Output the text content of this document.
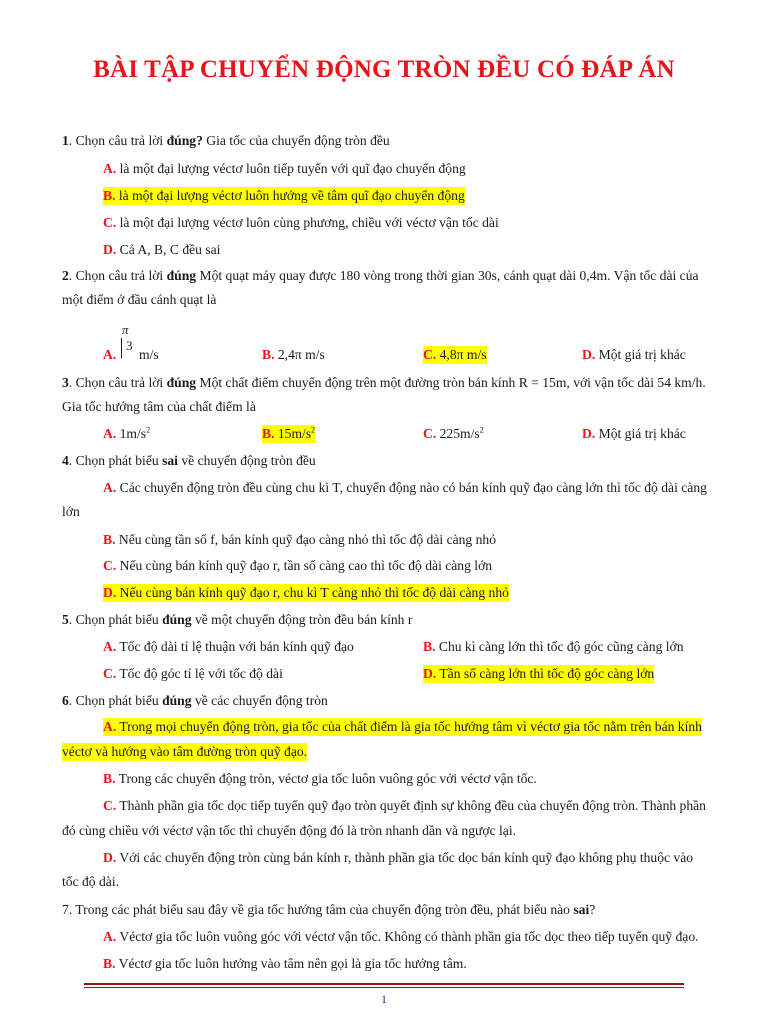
BÀI TẬP CHUYỂN ĐỘNG TRÒN ĐỀU CÓ ĐÁP ÁN
1. Chọn câu trả lời đúng? Gia tốc của chuyển động tròn đều
A. là một đại lượng véctơ luôn tiếp tuyến với quĩ đạo chuyển động
B. là một đại lượng véctơ luôn hướng về tâm quĩ đạo chuyển động
C. là một đại lượng véctơ luôn cùng phương, chiều với véctơ vận tốc dài
D. Cả A, B, C đều sai
2. Chọn câu trả lời đúng Một quạt máy quay được 180 vòng trong thời gian 30s, cánh quạt dài 0,4m. Vận tốc dài của
một điểm ở đầu cánh quạt là
A.
π
3
m/s	B. 2,4π m/s	C. 4,8π m/s	D. Một giá trị khác
3. Chọn câu trả lời đúng Một chất điểm chuyển động trên một đường tròn bán kính R = 15m, với vận tốc dài 54 km/h.
Gia tốc hướng tâm của chất điểm là
A. $1m/s^2$	B. $15m/s^2$	C. $225m/s^2$	D. Một giá trị khác
4. Chọn phát biểu sai về chuyển động tròn đều
A. Các chuyển động tròn đều cùng chu kì T, chuyển động nào có bán kính quỹ đạo càng lớn thì tốc độ dài càng
lớn
B. Nếu cùng tần số f, bán kính quỹ đạo càng nhỏ thì tốc độ dài càng nhỏ
C. Nếu cùng bán kính quỹ đạo r, tần số càng cao thì tốc độ dài càng lớn
D. Nếu cùng bán kính quỹ đạo r, chu kì T càng nhỏ thì tốc độ dài càng nhỏ
5. Chọn phát biểu đúng về một chuyển động tròn đều bán kính r
A. Tốc độ dài tỉ lệ thuận với bán kính quỹ đạo	B. Chu kì càng lớn thì tốc độ góc cũng càng lớn
C. Tốc độ góc tỉ lệ với tốc độ dài	D. Tần số càng lớn thì tốc độ góc càng lớn
6. Chọn phát biểu đúng về các chuyển động tròn
A. Trong mọi chuyển động tròn, gia tốc của chất điểm là gia tốc hướng tâm vì véctơ gia tốc nằm trên bán kính
véctơ và hướng vào tâm đường tròn quỹ đạo.
B. Trong các chuyển động tròn, véctơ gia tốc luôn vuông góc với véctơ vận tốc.
C. Thành phần gia tốc dọc tiếp tuyến quỹ đạo tròn quyết định sự không đều của chuyển động tròn. Thành phần
đó cùng chiều với véctơ vận tốc thì chuyển động đó là tròn nhanh dần và ngược lại.
D. Với các chuyển động tròn cùng bán kính r, thành phần gia tốc dọc bán kính quỹ đạo không phụ thuộc vào
tốc độ dài.
7. Trong các phát biểu sau đây về gia tốc hướng tâm của chuyển động tròn đều, phát biểu nào sai?
A. Véctơ gia tốc luôn vuông góc với véctơ vận tốc. Không có thành phần gia tốc dọc theo tiếp tuyến quỹ đạo.
B. Véctơ gia tốc luôn hướng vào tâm nên gọi là gia tốc hướng tâm.
1
